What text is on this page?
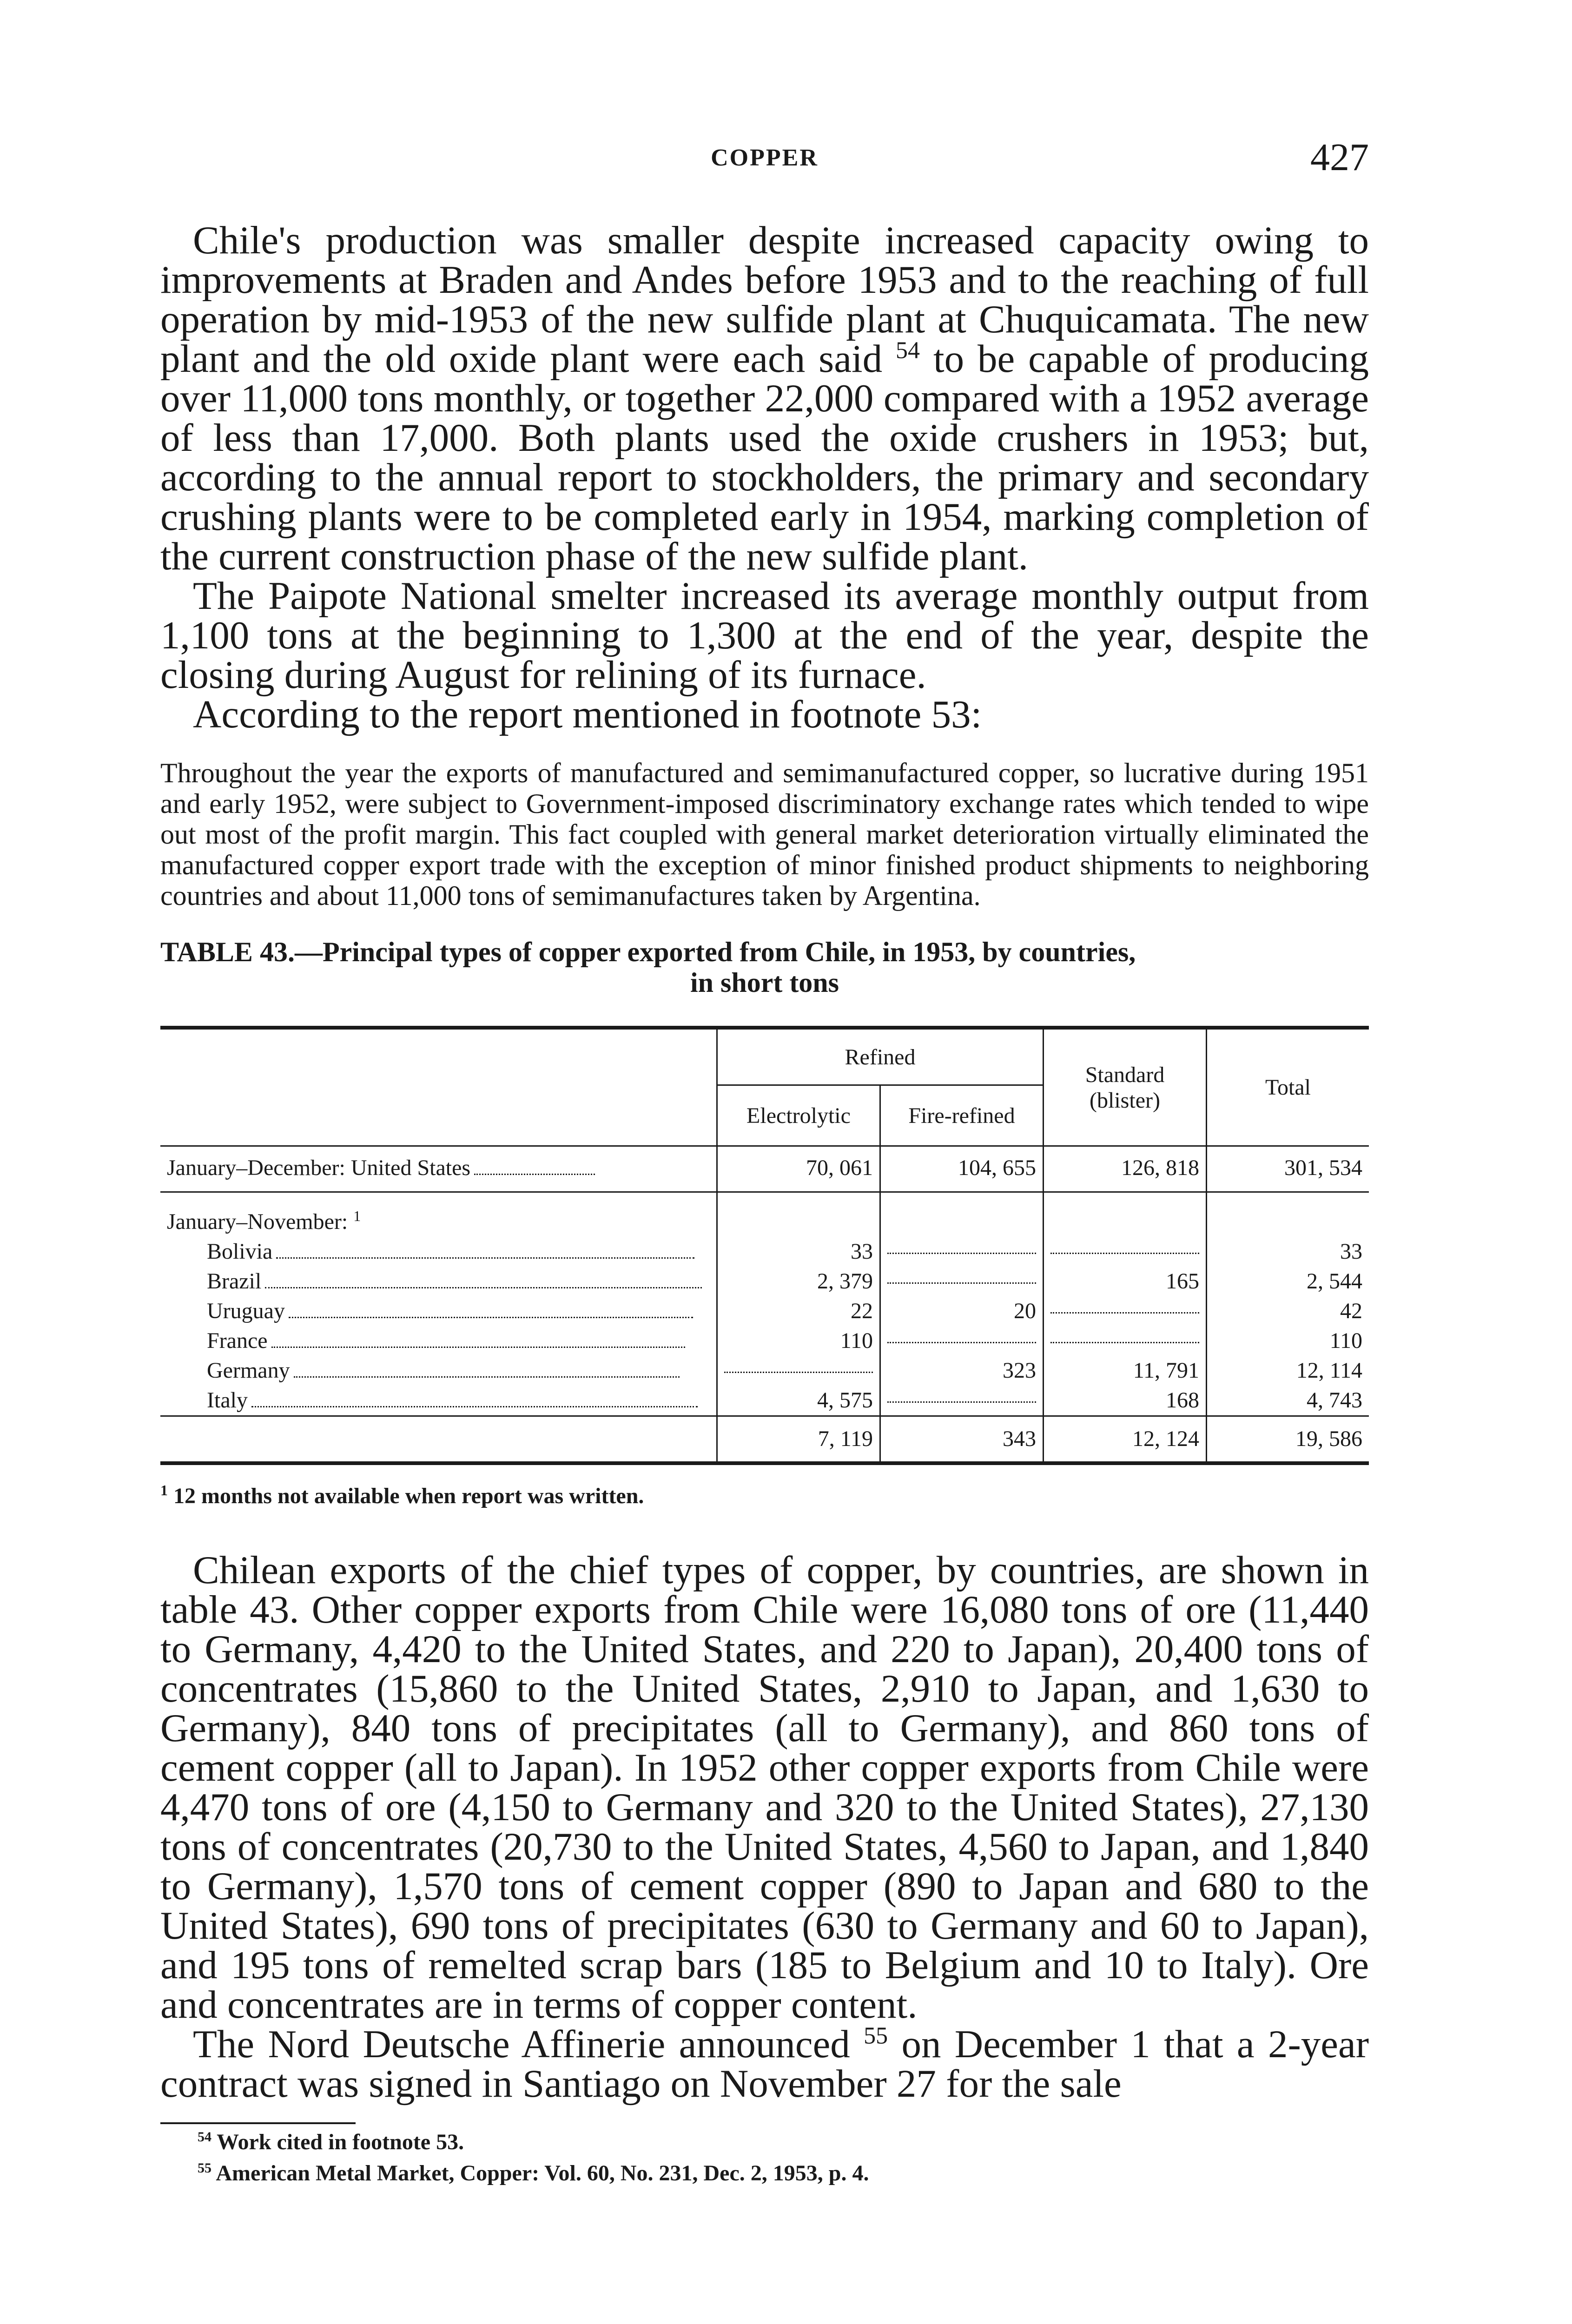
COPPER	427

Chile's production was smaller despite increased capacity owing to improvements at Braden and Andes before 1953 and to the reaching of full operation by mid-1953 of the new sulfide plant at Chuquicamata. The new plant and the old oxide plant were each said $^{54}$ to be capable of producing over 11,000 tons monthly, or together 22,000 compared with a 1952 average of less than 17,000. Both plants used the oxide crushers in 1953; but, according to the annual report to stockholders, the primary and secondary crushing plants were to be completed early in 1954, marking completion of the current construction phase of the new sulfide plant.

The Paipote National smelter increased its average monthly output from 1,100 tons at the beginning to 1,300 at the end of the year, despite the closing during August for relining of its furnace.

According to the report mentioned in footnote 53:

Throughout the year the exports of manufactured and semimanufactured copper, so lucrative during 1951 and early 1952, were subject to Government-imposed discriminatory exchange rates which tended to wipe out most of the profit margin. This fact coupled with general market deterioration virtually eliminated the manufactured copper export trade with the exception of minor finished product shipments to neighboring countries and about 11,000 tons of semimanufactures taken by Argentina.

TABLE 43.—Principal types of copper exported from Chile, in 1953, by countries,
in short tons
	Refined		Standard (blister)	Total
	Electrolytic	Fire-refined		
January–December: United States	70, 061	104, 655	126, 818	301, 534
January–November: $^1$				
Bolivia	33			33
Brazil	2, 379		165	2, 544
Uruguay	22	20		42
France	110			110
Germany		323	11, 791	12, 114
Italy	4, 575		168	4, 743
	7, 119	343	12, 124	19, 586
$^1$ 12 months not available when report was written.

Chilean exports of the chief types of copper, by countries, are shown in table 43. Other copper exports from Chile were 16,080 tons of ore (11,440 to Germany, 4,420 to the United States, and 220 to Japan), 20,400 tons of concentrates (15,860 to the United States, 2,910 to Japan, and 1,630 to Germany), 840 tons of precipitates (all to Germany), and 860 tons of cement copper (all to Japan). In 1952 other copper exports from Chile were 4,470 tons of ore (4,150 to Germany and 320 to the United States), 27,130 tons of concentrates (20,730 to the United States, 4,560 to Japan, and 1,840 to Germany), 1,570 tons of cement copper (890 to Japan and 680 to the United States), 690 tons of precipitates (630 to Germany and 60 to Japan), and 195 tons of remelted scrap bars (185 to Belgium and 10 to Italy). Ore and concentrates are in terms of copper content.

The Nord Deutsche Affinerie announced $^{55}$ on December 1 that a 2-year contract was signed in Santiago on November 27 for the sale

$^{54}$ Work cited in footnote 53.
$^{55}$ American Metal Market, Copper: Vol. 60, No. 231, Dec. 2, 1953, p. 4.
